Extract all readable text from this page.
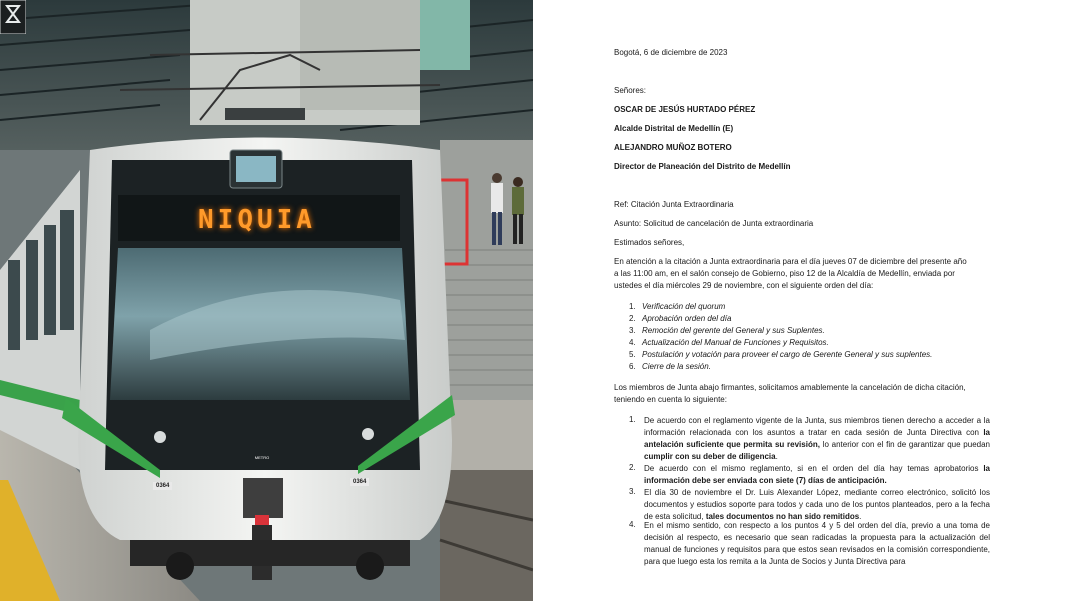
NIQUIA
METRO
0364
0364
Bogotá, 6 de diciembre de 2023
Señores:
OSCAR DE JESÚS HURTADO PÉREZ
Alcalde Distrital de Medellín (E)
ALEJANDRO MUÑOZ BOTERO
Director de Planeación del Distrito de Medellín
Ref: Citación Junta Extraordinaria
Asunto: Solicitud de cancelación de Junta extraordinaria
Estimados señores,
En atención a la citación a Junta extraordinaria para el día jueves 07 de diciembre del presente año
a las 11:00 am, en el salón consejo de Gobierno, piso 12 de la Alcaldía de Medellín, enviada por
ustedes el día miércoles 29 de noviembre, con el siguiente orden del día:
1. Verificación del quorum
2. Aprobación orden del día
3. Remoción del gerente del General y sus Suplentes.
4. Actualización del Manual de Funciones y Requisitos.
5. Postulación y votación para proveer el cargo de Gerente General y sus suplentes.
6. Cierre de la sesión.
Los miembros de Junta abajo firmantes, solicitamos amablemente la cancelación de dicha citación,
teniendo en cuenta lo siguiente:
1. De acuerdo con el reglamento vigente de la Junta, sus miembros tienen derecho a acceder a la información relacionada con los asuntos a tratar en cada sesión de Junta Directiva con la antelación suficiente que permita su revisión, lo anterior con el fin de garantizar que puedan cumplir con su deber de diligencia.
2. De acuerdo con el mismo reglamento, si en el orden del día hay temas aprobatorios la información debe ser enviada con siete (7) días de anticipación.
3. El día 30 de noviembre el Dr. Luis Alexander López, mediante correo electrónico, solicitó los documentos y estudios soporte para todos y cada uno de los puntos planteados, pero a la fecha de esta solicitud, tales documentos no han sido remitidos.
4. En el mismo sentido, con respecto a los puntos 4 y 5 del orden del día, previo a una toma de decisión al respecto, es necesario que sean radicadas la propuesta para la actualización del manual de funciones y requisitos para que estos sean revisados en la comisión correspondiente, para que luego esta los remita a la Junta de Socios y Junta Directiva para
